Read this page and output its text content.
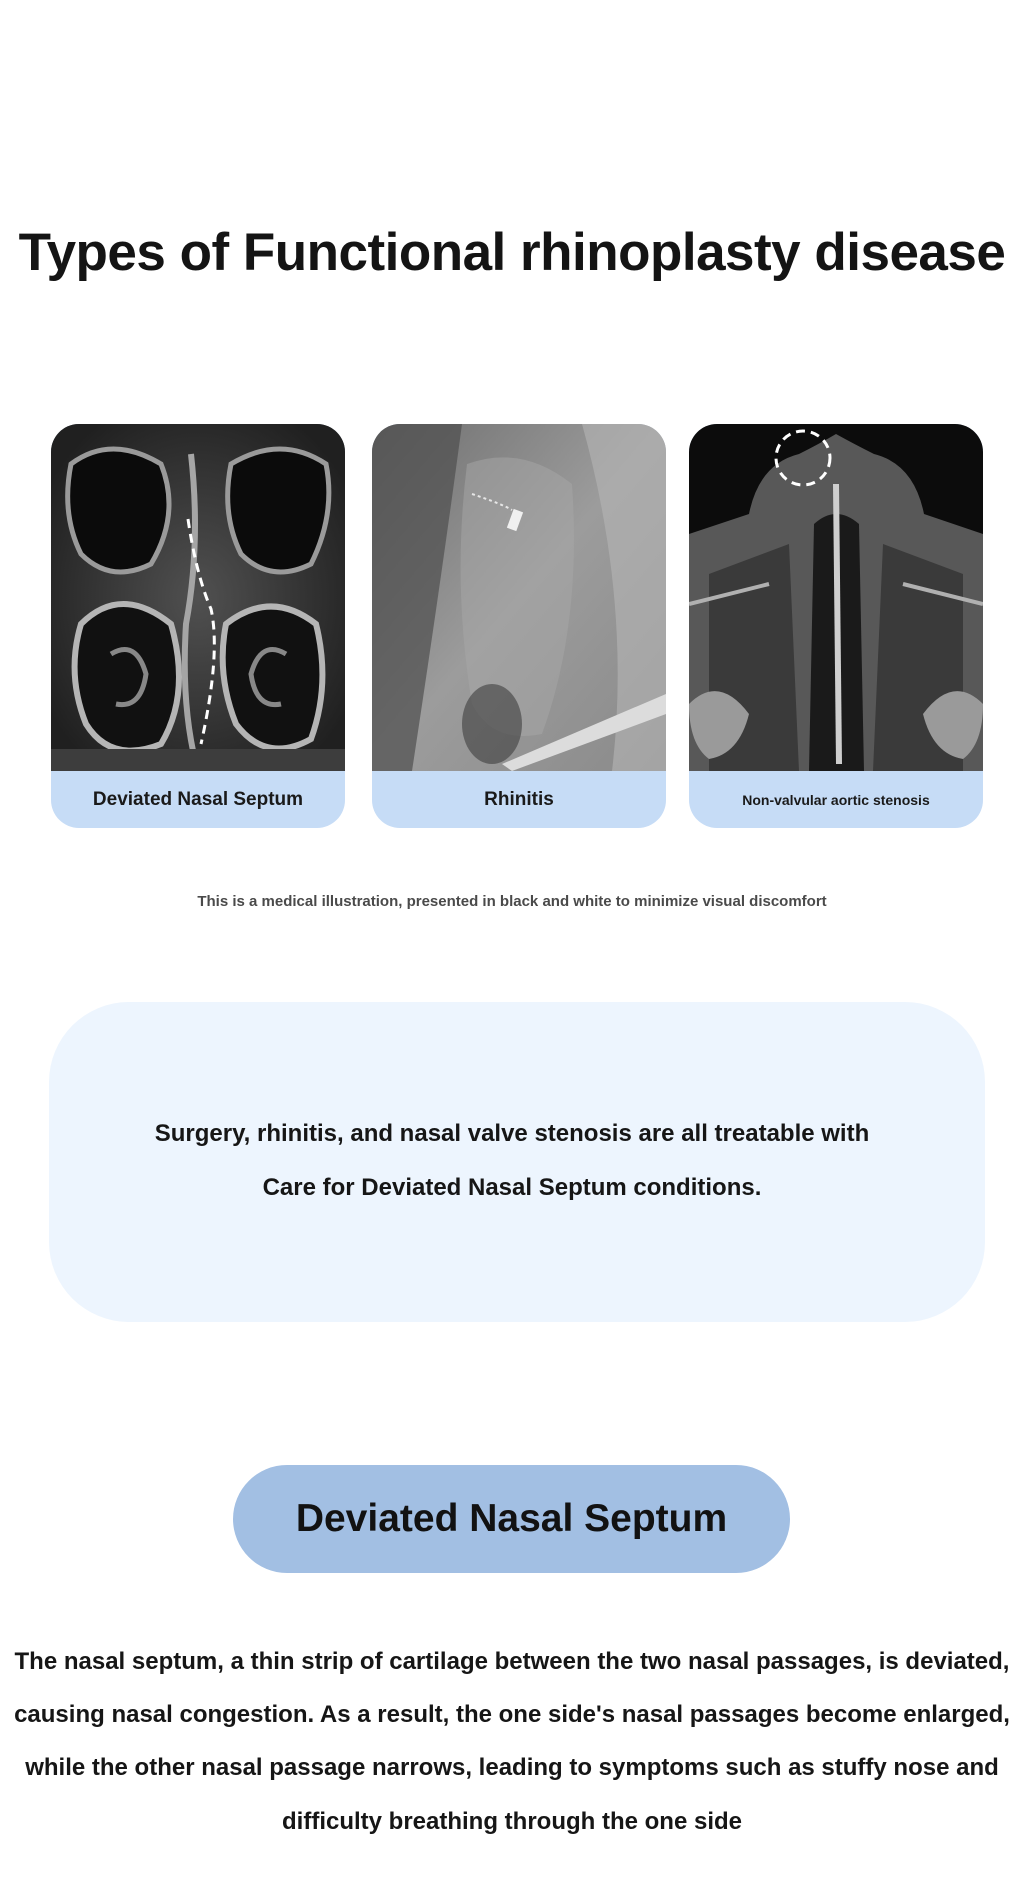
Types of Functional rhinoplasty disease
Deviated Nasal Septum	Rhinitis	Non-valvular aortic stenosis
This is a medical illustration, presented in black and white to minimize visual discomfort
Surgery, rhinitis, and nasal valve stenosis are all treatable with
Care for Deviated Nasal Septum conditions.
Deviated Nasal Septum
The nasal septum, a thin strip of cartilage between the two nasal passages, is deviated,
causing nasal congestion. As a result, the one side's nasal passages become enlarged,
while the other nasal passage narrows, leading to symptoms such as stuffy nose and
difficulty breathing through the one side
